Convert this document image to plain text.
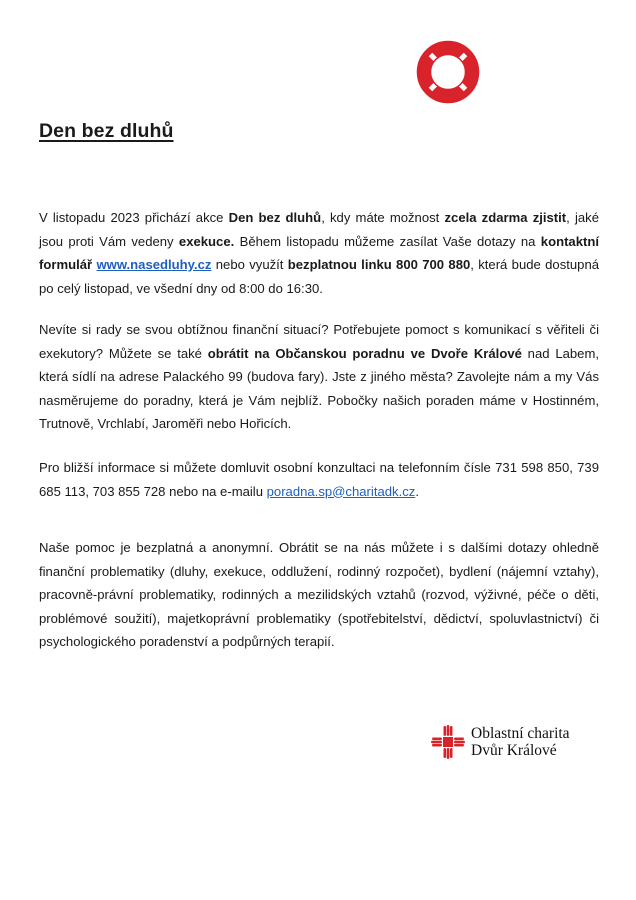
Den bez dluhů

V listopadu 2023 přichází akce Den bez dluhů, kdy máte možnost zcela zdarma zjistit, jaké jsou proti Vám vedeny exekuce. Během listopadu můžeme zasílat Vaše dotazy na kontaktní formulář www.nasedluhy.cz nebo využít bezplatnou linku 800 700 880, která bude dostupná po celý listopad, ve všední dny od 8:00 do 16:30.

Nevíte si rady se svou obtížnou finanční situací? Potřebujete pomoct s komunikací s věřiteli či exekutory? Můžete se také obrátit na Občanskou poradnu ve Dvoře Králové nad Labem, která sídlí na adrese Palackého 99 (budova fary). Jste z jiného města? Zavolejte nám a my Vás nasměrujeme do poradny, která je Vám nejblíž. Pobočky našich poraden máme v Hostinném, Trutnově, Vrchlabí, Jaroměři nebo Hořicích.

Pro bližší informace si můžete domluvit osobní konzultaci na telefonním čísle 731 598 850, 739 685 113, 703 855 728 nebo na e-mailu poradna.sp@charitadk.cz.

Naše pomoc je bezplatná a anonymní. Obrátit se na nás můžete i s dalšími dotazy ohledně finanční problematiky (dluhy, exekuce, oddlužení, rodinný rozpočet), bydlení (nájemní vztahy), pracovně-právní problematiky, rodinných a mezilidských vztahů (rozvod, výživné, péče o děti, problémové soužití), majetkoprávní problematiky (spotřebitelství, dědictví, spoluvlastnictví) či psychologického poradenství a podpůrných terapií.

Oblastní charita
Dvůr Králové
